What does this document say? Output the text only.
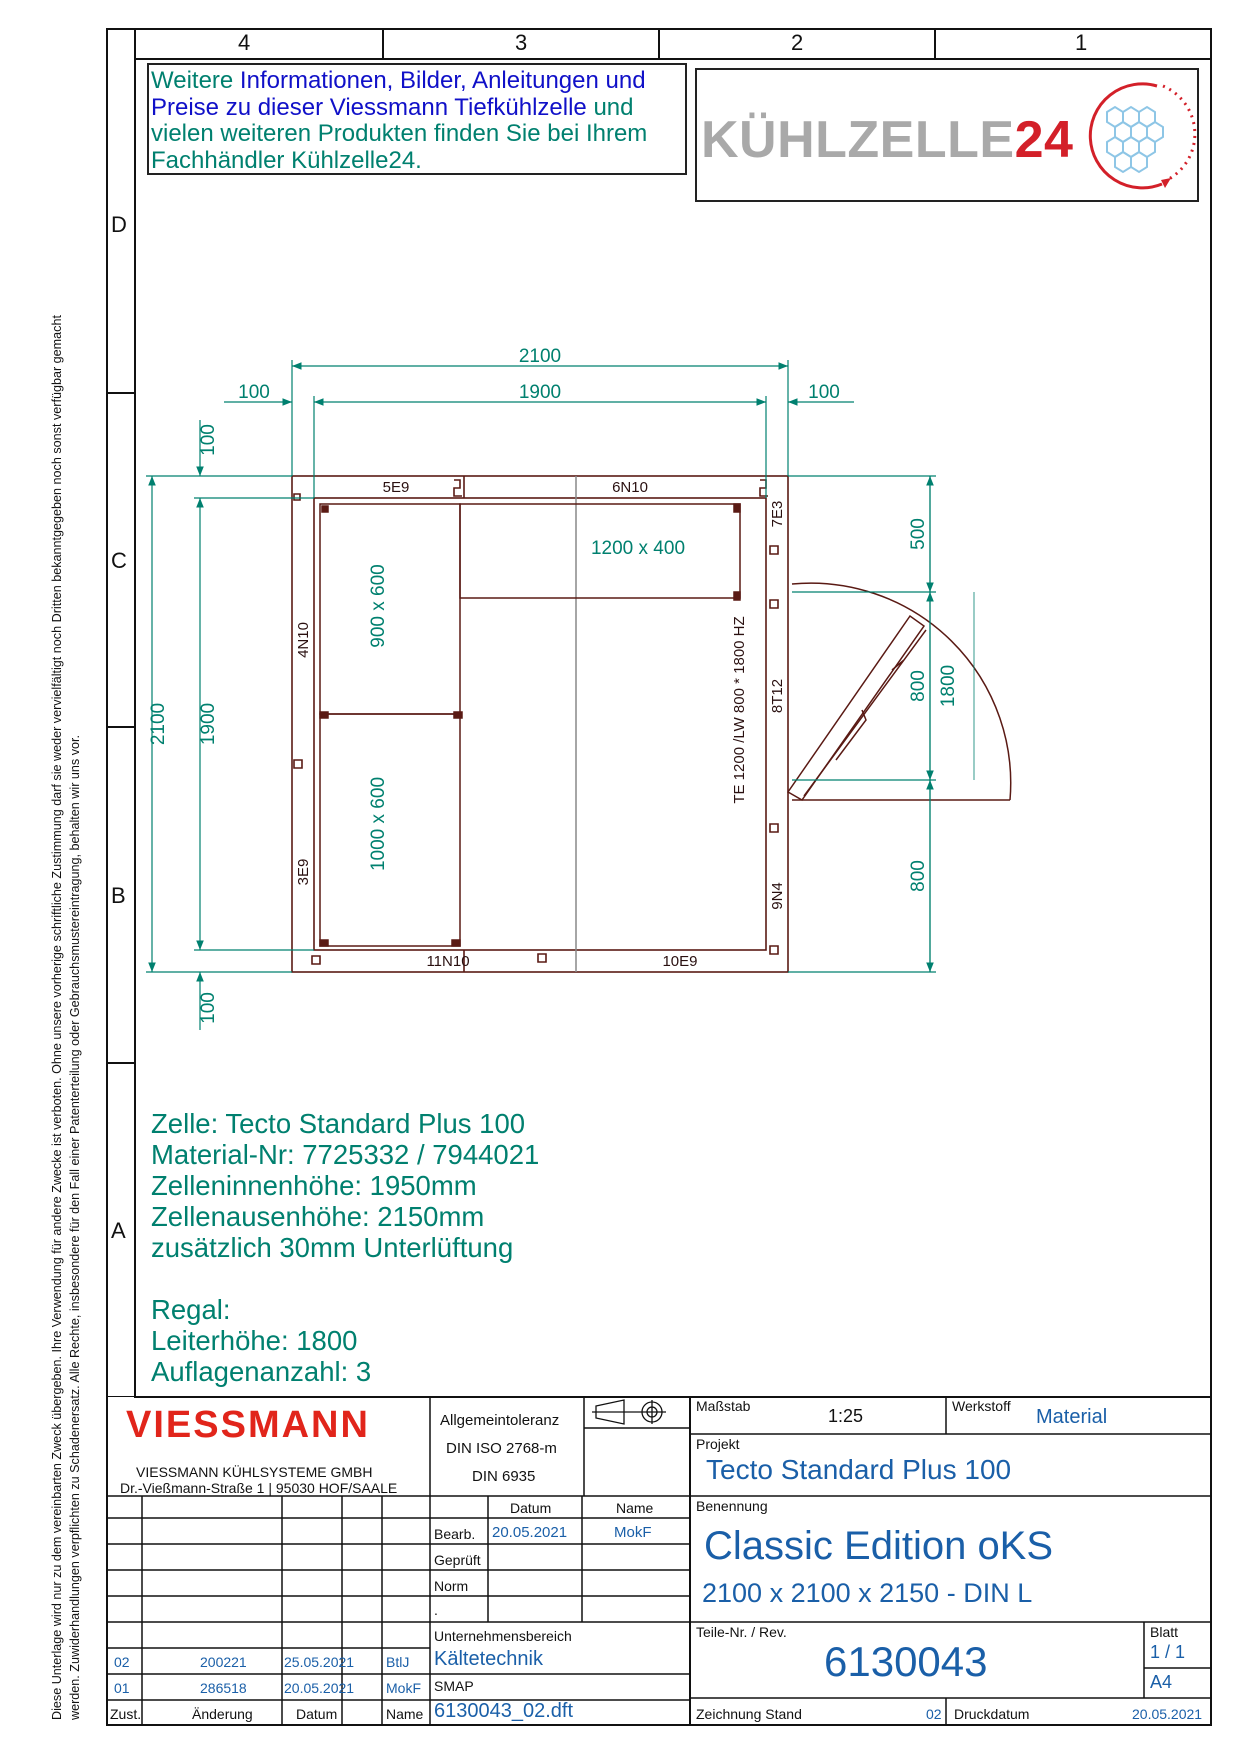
Diese Unterlage wird nur zu dem vereinbarten Zweck übergeben. Ihre Verwendung für andere Zwecke ist verboten. Ohne unsere vorherige schriftliche Zustimmung darf sie weder vervielfältigt noch Dritten bekanntgegeben noch sonst verfügbar gemacht werden. Zuwiderhandlungen verpflichten zu Schadenersatz. Alle Rechte, insbesondere für den Fall einer Patenterteilung oder Gebrauchsmustereintragung, behalten wir uns vor.
4	3	2	1
D
C
B
A
Weitere Informationen, Bilder, Anleitungen und Preise zu dieser Viessmann Tiefkühlzelle und vielen weiteren Produkten finden Sie bei Ihrem Fachhändler Kühlzelle24.	KÜHLZELLE24
2100
1900
100	100
2100 1900
100
100
500
800
800
1800
1200 x 400
900 x 600
1000 x 600
5E9	6N10
11N10	10E9
4N10
3E9
7E3
8T12
9N4
TE 1200 /LW 800 * 1800 HZ
Zelle: Tecto Standard Plus 100
Material-Nr: 7725332 / 7944021
Zelleninnenhöhe: 1950mm
Zellenausenhöhe: 2150mm
zusätzlich 30mm Unterlüftung
Regal:
Leiterhöhe: 1800
Auflagenanzahl: 3
VIESSMANN
VIESSMANN KÜHLSYSTEME GMBH
Dr.-Vießmann-Straße 1 | 95030 HOF/SAALE
Allgemeintoleranz
DIN ISO 2768-m
DIN 6935
Maßstab	1:25	Werkstoff Material
Projekt
Tecto Standard Plus 100
Benennung
Classic Edition oKS
2100 x 2100 x 2150 - DIN L
Datum	Name
Bearb. 20.05.2021	MokF
Geprüft
Norm
.
Unternehmensbereich
Kältetechnik
SMAP
6130043_02.dft
Teile-Nr. / Rev.
6130043
Blatt
1 / 1
A4
Zeichnung Stand	02 Druckdatum	20.05.2021
02	200221	25.05.2021 BtlJ
01	286518	20.05.2021 MokF
Zust.	Änderung	Datum	Name
